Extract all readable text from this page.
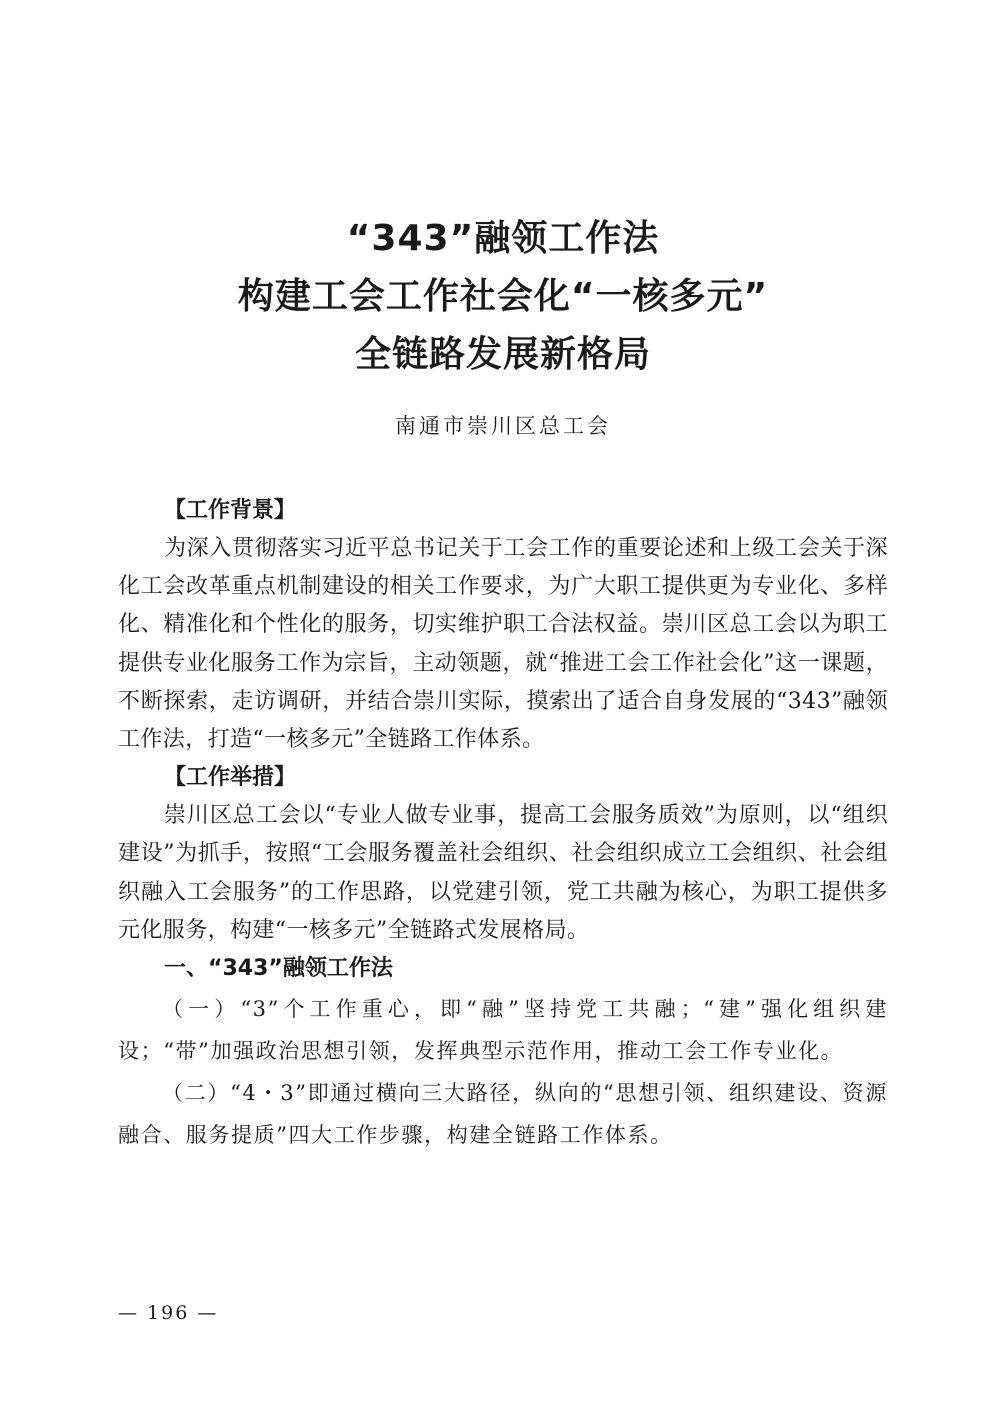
“343”融领工作法
构建工会工作社会化“一核多元”
全链路发展新格局
南通市崇川区总工会
【工作背景】
为深入贯彻落实习近平总书记关于工会工作的重要论述和上级工会关于深化工会改革重点机制建设的相关工作要求，为广大职工提供更为专业化、多样化、精准化和个性化的服务，切实维护职工合法权益。崇川区总工会以为职工提供专业化服务工作为宗旨，主动领题，就“推进工会工作社会化”这一课题，不断探索，走访调研，并结合崇川实际，摸索出了适合自身发展的“343”融领工作法，打造“一核多元”全链路工作体系。
【工作举措】
崇川区总工会以“专业人做专业事，提高工会服务质效”为原则，以“组织建设”为抓手，按照“工会服务覆盖社会组织、社会组织成立工会组织、社会组织融入工会服务”的工作思路，以党建引领，党工共融为核心，为职工提供多元化服务，构建“一核多元”全链路式发展格局。
一、“343”融领工作法
（一）“3”个工作重心，即“融”坚持党工共融；“建”强化组织建设；“带”加强政治思想引领，发挥典型示范作用，推动工会工作专业化。
（二）“4・3”即通过横向三大路径，纵向的“思想引领、组织建设、资源融合、服务提质”四大工作步骤，构建全链路工作体系。
— 196 —
